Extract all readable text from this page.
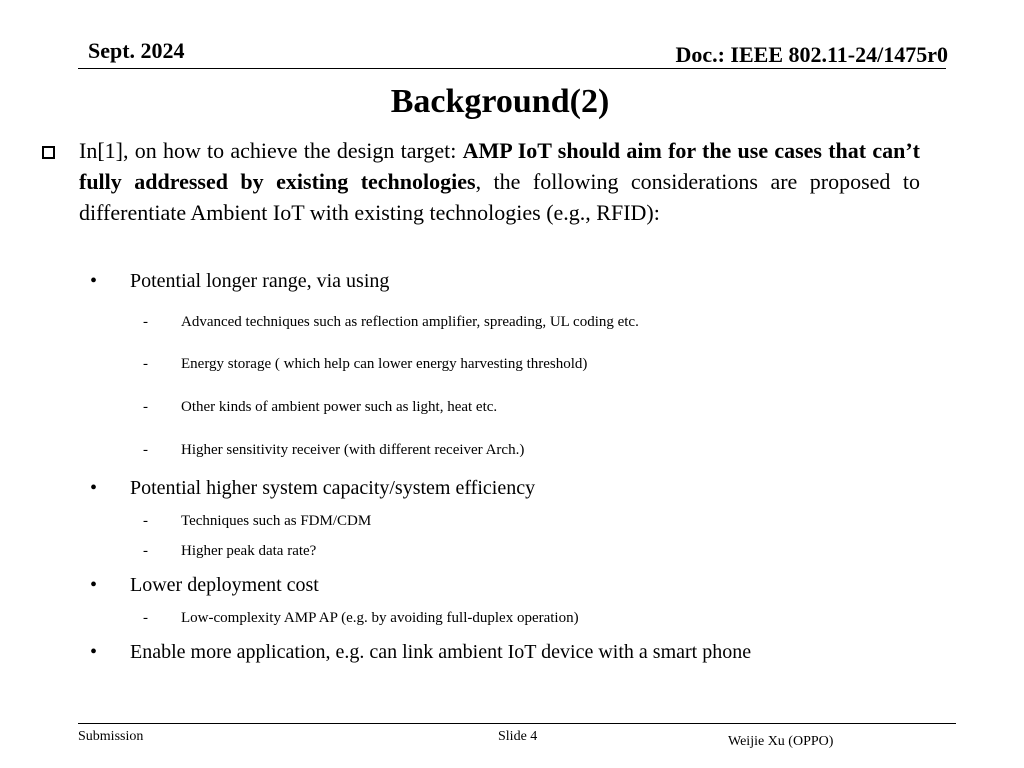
Sept. 2024	Doc.: IEEE 802.11-24/1475r0
Background(2)
In[1], on how to achieve the design target: AMP IoT should aim for the use cases that can’t fully addressed by existing technologies, the following considerations are proposed to differentiate Ambient IoT with existing technologies (e.g., RFID):
• Potential longer range, via using
- Advanced techniques such as reflection amplifier, spreading, UL coding etc.
- Energy storage ( which help can lower energy harvesting threshold)
- Other kinds of ambient power such as light, heat etc.
- Higher sensitivity receiver (with different receiver Arch.)
• Potential higher system capacity/system efficiency
- Techniques such as FDM/CDM
- Higher peak data rate?
• Lower deployment cost
- Low-complexity AMP AP (e.g. by avoiding full-duplex operation)
• Enable more application, e.g. can link ambient IoT device with a smart phone
Submission	Slide 4	Weijie Xu (OPPO)
